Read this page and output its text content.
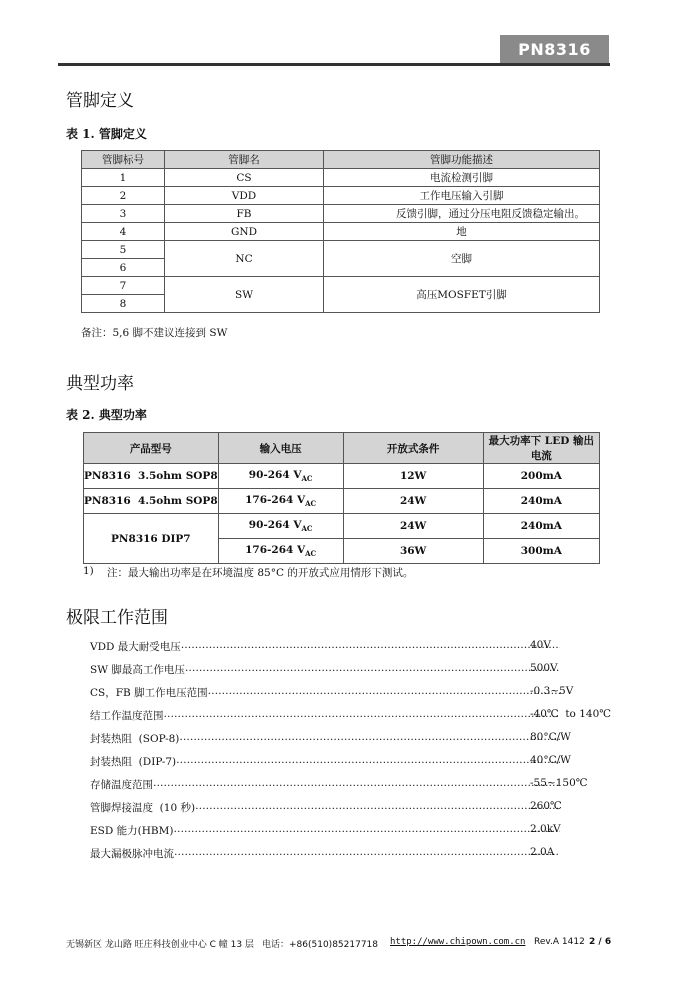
PN8316
管脚定义
表 1. 管脚定义
管脚标号	管脚名	管脚功能描述
1	CS	电流检测引脚
2	VDD	工作电压输入引脚
3	FB	反馈引脚，通过分压电阻反馈稳定输出。
4	GND	地
5	NC	空脚
6		
7	SW	高压MOSFET引脚
8		
备注：5,6 脚不建议连接到 SW
典型功率
表 2. 典型功率
产品型号	输入电压	开放式条件	最大功率下 LED 输出电流
PN8316  3.5ohm SOP8	90-264 $V_{AC}$	12W	200mA
PN8316  4.5ohm SOP8	176-264 $V_{AC}$	24W	240mA
PN8316 DIP7	90-264 $V_{AC}$	24W	240mA
	176-264 $V_{AC}$	36W	300mA
1) 注：最大输出功率是在环境温度 85°C 的开放式应用情形下测试。
极限工作范围
VDD 最大耐受电压 …………………………………………………………………………………………………………………………	40V
SW 脚最高工作电压 …………………………………………………………………………………………………………………………	500V
CS，FB 脚工作电压范围 …………………………………………………………………………………………………………………………	-0.3~5V
结工作温度范围 …………………………………………………………………………………………………………………………	-40℃  to 140℃
封装热阻  (SOP-8) …………………………………………………………………………………………………………………………	80°C/W
封装热阻  (DIP-7) …………………………………………………………………………………………………………………………	40°C/W
存储温度范围 …………………………………………………………………………………………………………………………	-55~150℃
管脚焊接温度  (10 秒) …………………………………………………………………………………………………………………………	260℃
ESD 能力(HBM) …………………………………………………………………………………………………………………………	2.0kV
最大漏极脉冲电流 …………………………………………………………………………………………………………………………	2.0A
无锡新区 龙山路 旺庄科技创业中心 C 幢 13 层 电话：+86(510)85217718 http://www.chipown.com.cn Rev.A 1412 2 / 6
